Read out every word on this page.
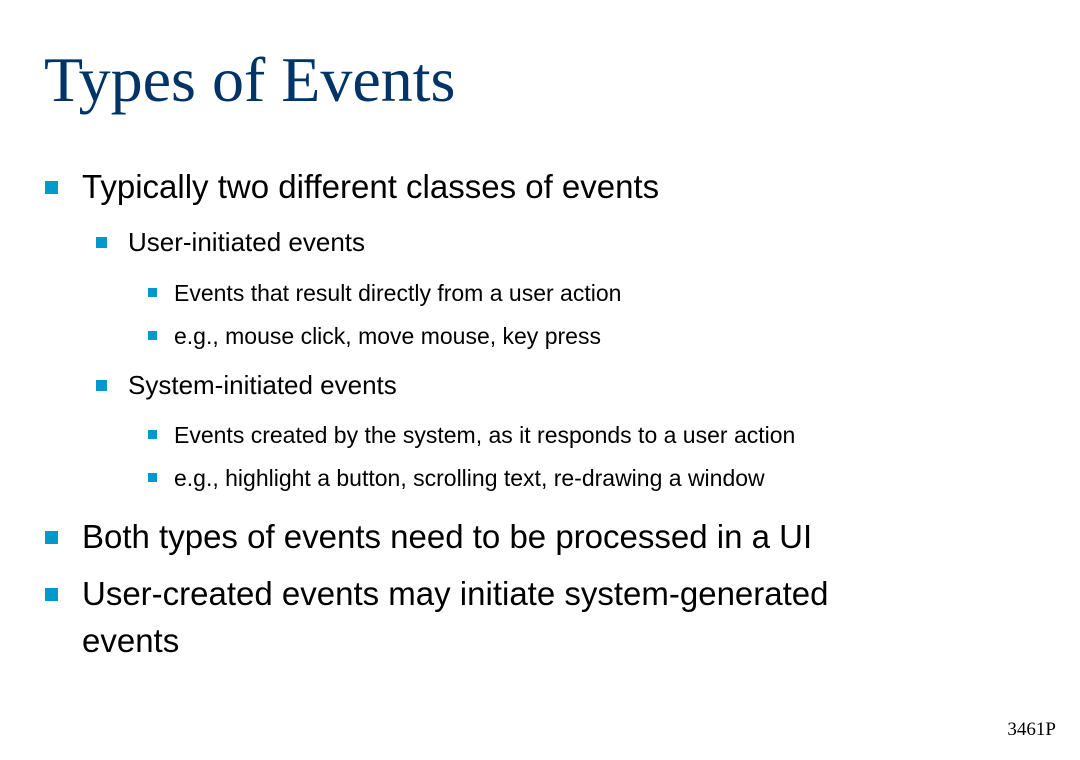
Types of Events
Typically two different classes of events
User-initiated events
Events that result directly from a user action
e.g., mouse click, move mouse, key press
System-initiated events
Events created by the system, as it responds to a user action
e.g., highlight a button, scrolling text, re-drawing a window
Both types of events need to be processed in a UI
User-created events may initiate system-generated
events
3461P
